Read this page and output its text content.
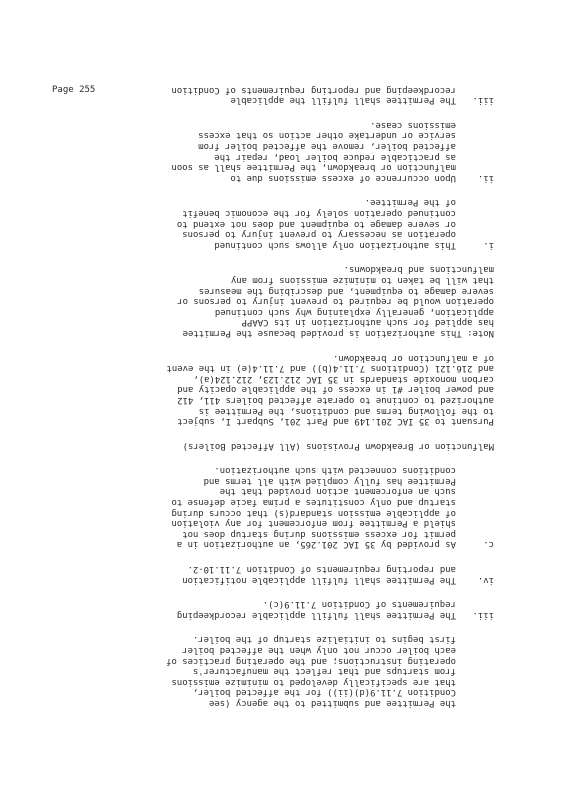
Page 255
the Permittee and submitted to the agency (see
Condition 7.11.9(d)(ii)) for the affected boiler,
that are specifically developed to minimize emissions
from startups and that reflect the manufacturer's
operating instructions; and the operating practices of
each boiler occur not only when the affected boiler
first begins to initialize startup of the boiler.
iii.
The Permittee shall fulfill applicable recordkeeping
requirements of Condition 7.11.9(c).
iv.
The Permittee shall fulfill applicable notification
and reporting requirements of Condition 7.11.10-2.
c.
As provided by 35 IAC 201.265, an authorization in a
permit for excess emissions during startup does not
shield a Permittee from enforcement for any violation
of applicable emission standard(s) that occurs during
startup and only constitutes a prima facie defense to
such an enforcement action provided that the
Permittee has fully complied with all terms and
conditions connected with such authorization.
Malfunction or Breakdown Provisions (All Affected Boilers)
Pursuant to 35 IAC 201.149 and Part 201, Subpart I, subject
to the following terms and conditions, the Permittee is
authorized to continue to operate affected boilers 411, 412
and power boiler #1 in excess of the applicable opacity and
carbon monoxide standards in 35 IAC 212.123, 212.124(a),
and 216.121 (Conditions 7.11.4(b)) and 7.11.4(e) in the event
of a malfunction or breakdown.
Note: This authorization is provided because the Permittee
has applied for such authorization in its CAAPP
application, generally explaining why such continued
operation would be required to prevent injury to persons or
severe damage to equipment, and describing the measures
that will be taken to minimize emissions from any
malfunctions and breakdowns.
i.
This authorization only allows such continued
operation as necessary to prevent injury to persons
or severe damage to equipment and does not extend to
continued operation solely for the economic benefit
of the Permittee.
ii.
Upon occurrence of excess emissions due to
malfunction or breakdown, the Permittee shall as soon
as practicable reduce boiler load, repair the
affected boiler, remove the affected boiler from
service or undertake other action so that excess
emissions cease.
iii.
The Permittee shall fulfill the applicable
recordkeeping and reporting requirements of Condition
